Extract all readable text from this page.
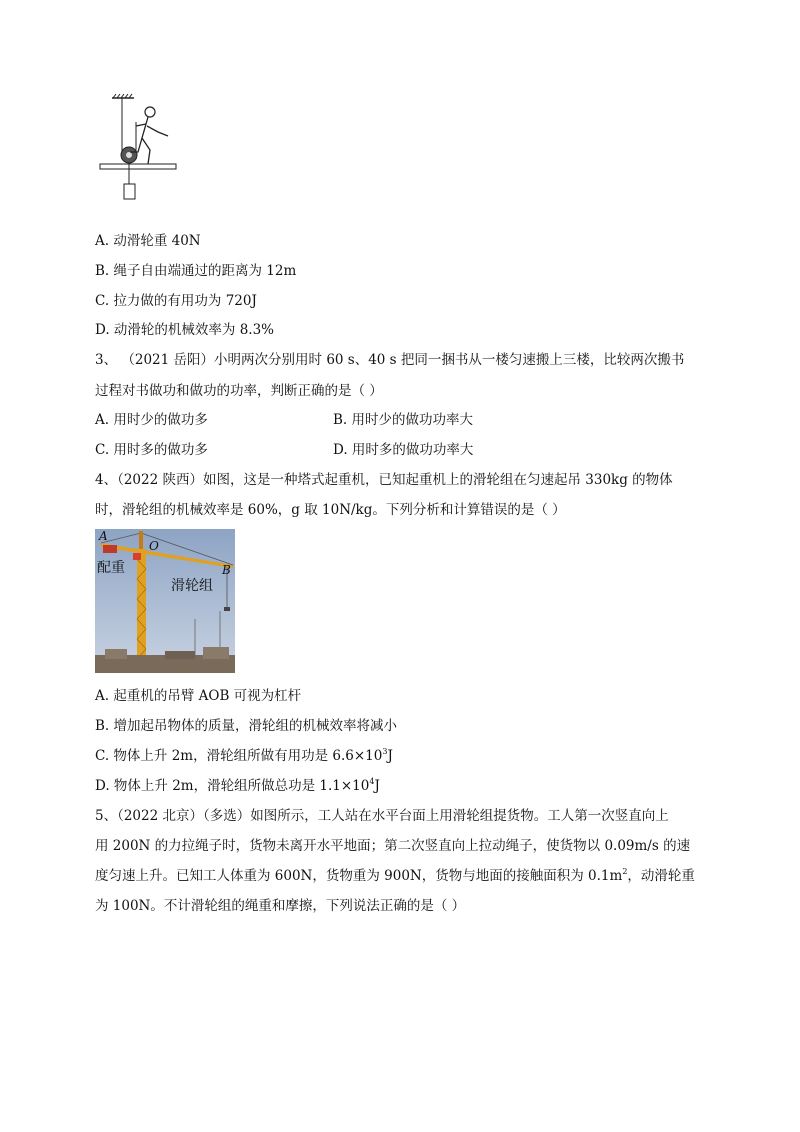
A. 动滑轮重 40N
B. 绳子自由端通过的距离为 12m
C. 拉力做的有用功为 720J
D. 动滑轮的机械效率为 8.3%
3、 （2021 岳阳）小明两次分别用时 60 s、40 s 把同一捆书从一楼匀速搬上三楼，比较两次搬书
过程对书做功和做功的功率，判断正确的是（ ）
A. 用时少的做功多	B. 用时少的做功功率大
C. 用时多的做功多	D. 用时多的做功功率大
4、（2022 陕西）如图，这是一种塔式起重机，已知起重机上的滑轮组在匀速起吊 330kg 的物体
时，滑轮组的机械效率是 60%，g 取 10N/kg。下列分析和计算错误的是（ ）
A
O
B
配重
滑轮组
A. 起重机的吊臂 AOB 可视为杠杆
B. 增加起吊物体的质量，滑轮组的机械效率将减小
C. 物体上升 2m，滑轮组所做有用功是 $6.6\times 10^3J$
D. 物体上升 2m，滑轮组所做总功是 $1.1\times 10^4J$
5、（2022 北京）（多选）如图所示，工人站在水平台面上用滑轮组提货物。工人第一次竖直向上
用 200N 的力拉绳子时，货物未离开水平地面；第二次竖直向上拉动绳子，使货物以 0.09m/s 的速
度匀速上升。已知工人体重为 600N，货物重为 900N，货物与地面的接触面积为 $0.1m^2$，动滑轮重
为 100N。不计滑轮组的绳重和摩擦，下列说法正确的是（ ）
